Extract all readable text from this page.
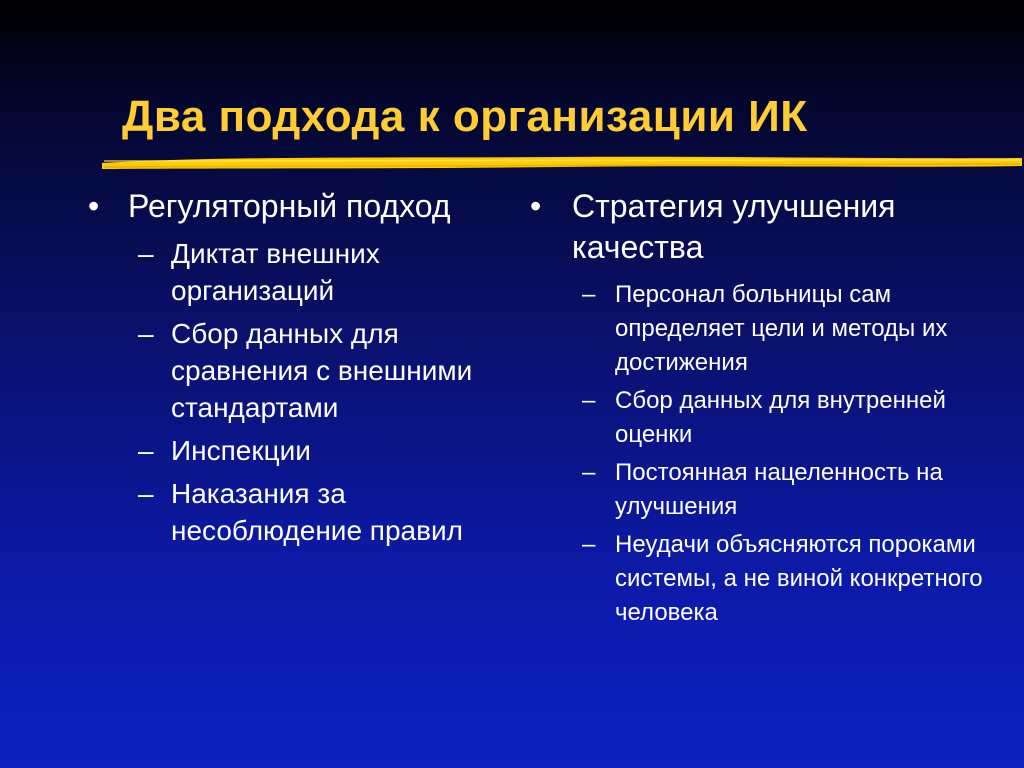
Два подхода к организации ИК
• Регуляторный подход
– Диктат внешних организаций
– Сбор данных для сравнения с внешними стандартами
– Инспекции
– Наказания за несоблюдение правил
• Стратегия улучшения качества
– Персонал больницы сам определяет цели и методы их достижения
– Сбор данных для внутренней оценки
– Постоянная нацеленность на улучшения
– Неудачи объясняются пороками системы, а не виной конкретного человека
